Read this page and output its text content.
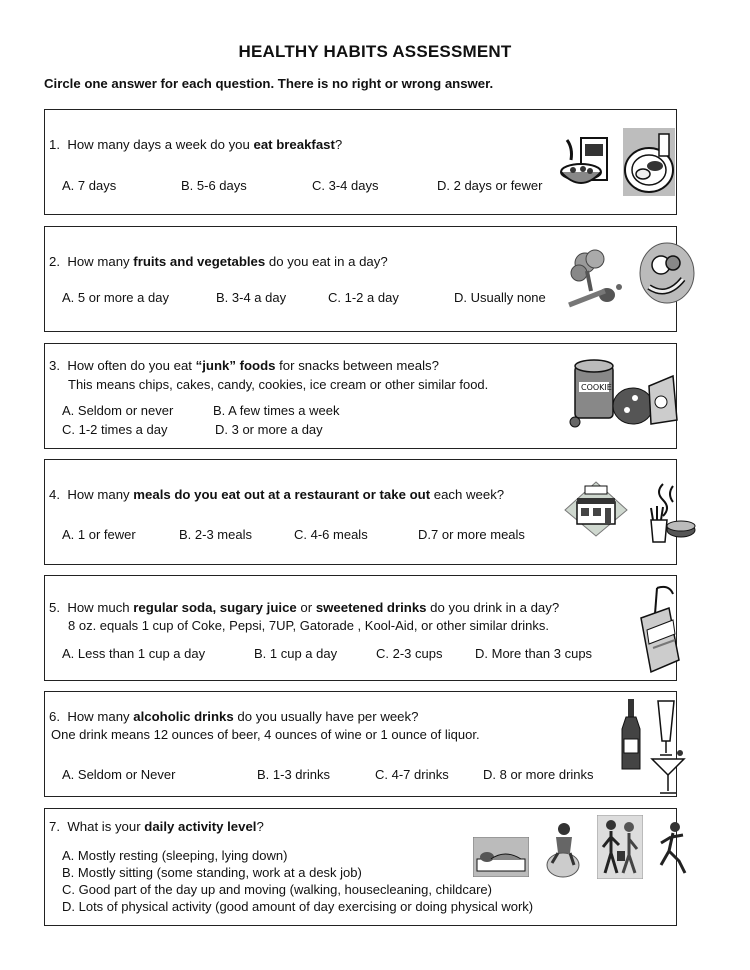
HEALTHY HABITS ASSESSMENT
Circle one answer for each question. There is no right or wrong answer.
1. How many days a week do you eat breakfast?
A. 7 days	B. 5-6 days	C. 3-4 days	D. 2 days or fewer
2. How many fruits and vegetables do you eat in a day?
A. 5 or more a day	B. 3-4 a day	C. 1-2 a day	D. Usually none
3. How often do you eat “junk” foods for snacks between meals?
This means chips, cakes, candy, cookies, ice cream or other similar food.
A. Seldom or never	B. A few times a week
C. 1-2 times a day	D. 3 or more a day
COOKIE
4. How many meals do you eat out at a restaurant or take out each week?
A. 1 or fewer	B. 2-3 meals	C. 4-6 meals	D.7 or more meals
5. How much regular soda, sugary juice or sweetened drinks do you drink in a day?
8 oz. equals 1 cup of Coke, Pepsi, 7UP, Gatorade , Kool-Aid, or other similar drinks.
A. Less than 1 cup a day	B. 1 cup a day	C. 2-3 cups	D. More than 3 cups
6. How many alcoholic drinks do you usually have per week?
One drink means 12 ounces of beer, 4 ounces of wine or 1 ounce of liquor.
A. Seldom or Never	B. 1-3 drinks	C. 4-7 drinks	D. 8 or more drinks
7. What is your daily activity level?
A. Mostly resting (sleeping, lying down)
B. Mostly sitting (some standing, work at a desk job)
C. Good part of the day up and moving (walking, housecleaning, childcare)
D. Lots of physical activity (good amount of day exercising or doing physical work)
